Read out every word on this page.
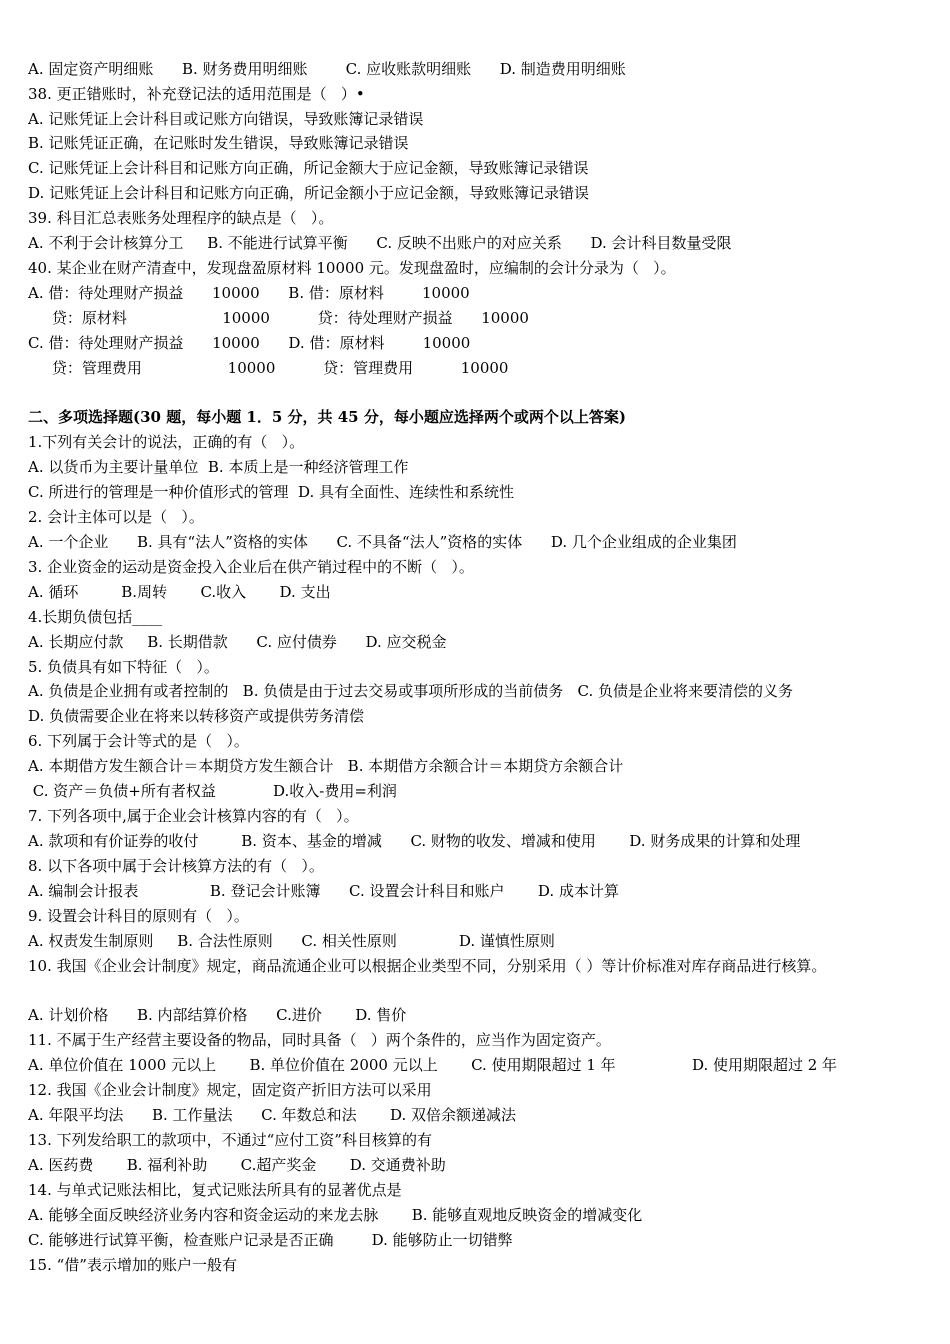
A. 固定资产明细账      B. 财务费用明细账        C. 应收账款明细账      D. 制造费用明细账
38. 更正错账时，补充登记法的适用范围是（   ）•
A. 记账凭证上会计科目或记账方向错误，导致账簿记录错误
B. 记账凭证正确，在记账时发生错误，导致账簿记录错误
C. 记账凭证上会计科目和记账方向正确，所记金额大于应记金额，导致账簿记录错误
D. 记账凭证上会计科目和记账方向正确，所记金额小于应记金额，导致账簿记录错误
39. 科目汇总表账务处理程序的缺点是（   ）。
A. 不利于会计核算分工     B. 不能进行试算平衡      C. 反映不出账户的对应关系      D. 会计科目数量受限
40. 某企业在财产清查中，发现盘盈原材料 10000 元。发现盘盈时，应编制的会计分录为（   ）。
A. 借：待处理财产损益      10000      B. 借：原材料        10000
贷：原材料                    10000          贷：待处理财产损益      10000
C. 借：待处理财产损益      10000      D. 借：原材料        10000
贷：管理费用                  10000          贷：管理费用          10000
二、多项选择题(30 题，每小题 1．5 分，共 45 分，每小题应选择两个或两个以上答案)
1.下列有关会计的说法，正确的有（   ）。
A. 以货币为主要计量单位  B. 本质上是一种经济管理工作
C. 所进行的管理是一种价值形式的管理  D. 具有全面性、连续性和系统性
2. 会计主体可以是（   ）。
A. 一个企业      B. 具有“法人”资格的实体      C. 不具备“法人”资格的实体      D. 几个企业组成的企业集团
3. 企业资金的运动是资金投入企业后在供产销过程中的不断（   ）。
A. 循环         B.周转       C.收入       D. 支出
4.长期负债包括____
A. 长期应付款     B. 长期借款      C. 应付债券      D. 应交税金
5. 负债具有如下特征（   ）。
A. 负债是企业拥有或者控制的   B. 负债是由于过去交易或事项所形成的当前债务   C. 负债是企业将来要清偿的义务
D. 负债需要企业在将来以转移资产或提供劳务清偿
6. 下列属于会计等式的是（   ）。
A. 本期借方发生额合计＝本期贷方发生额合计   B. 本期借方余额合计＝本期贷方余额合计
C. 资产＝负债+所有者权益            D.收入-费用=利润
7. 下列各项中,属于企业会计核算内容的有（   ）。
A. 款项和有价证券的收付         B. 资本、基金的增减      C. 财物的收发、增减和使用       D. 财务成果的计算和处理
8. 以下各项中属于会计核算方法的有（   ）。
A. 编制会计报表               B. 登记会计账簿      C. 设置会计科目和账户       D. 成本计算
9. 设置会计科目的原则有（   ）。
A. 权责发生制原则     B. 合法性原则      C. 相关性原则             D. 谨慎性原则
10. 我国《企业会计制度》规定，商品流通企业可以根据企业类型不同，分别采用（ ）等计价标准对库存商品进行核算。
A. 计划价格      B. 内部结算价格      C.进价       D. 售价
11. 不属于生产经营主要设备的物品，同时具备（   ）两个条件的，应当作为固定资产。
A. 单位价值在 1000 元以上       B. 单位价值在 2000 元以上       C. 使用期限超过 1 年                D. 使用期限超过 2 年
12. 我国《企业会计制度》规定，固定资产折旧方法可以采用
A. 年限平均法      B. 工作量法      C. 年数总和法       D. 双倍余额递减法
13. 下列发给职工的款项中，不通过“应付工资”科目核算的有
A. 医药费       B. 福利补助       C.超产奖金       D. 交通费补助
14. 与单式记账法相比，复式记账法所具有的显著优点是
A. 能够全面反映经济业务内容和资金运动的来龙去脉       B. 能够直观地反映资金的增减变化
C. 能够进行试算平衡，检查账户记录是否正确        D. 能够防止一切错弊
15. “借”表示增加的账户一般有
